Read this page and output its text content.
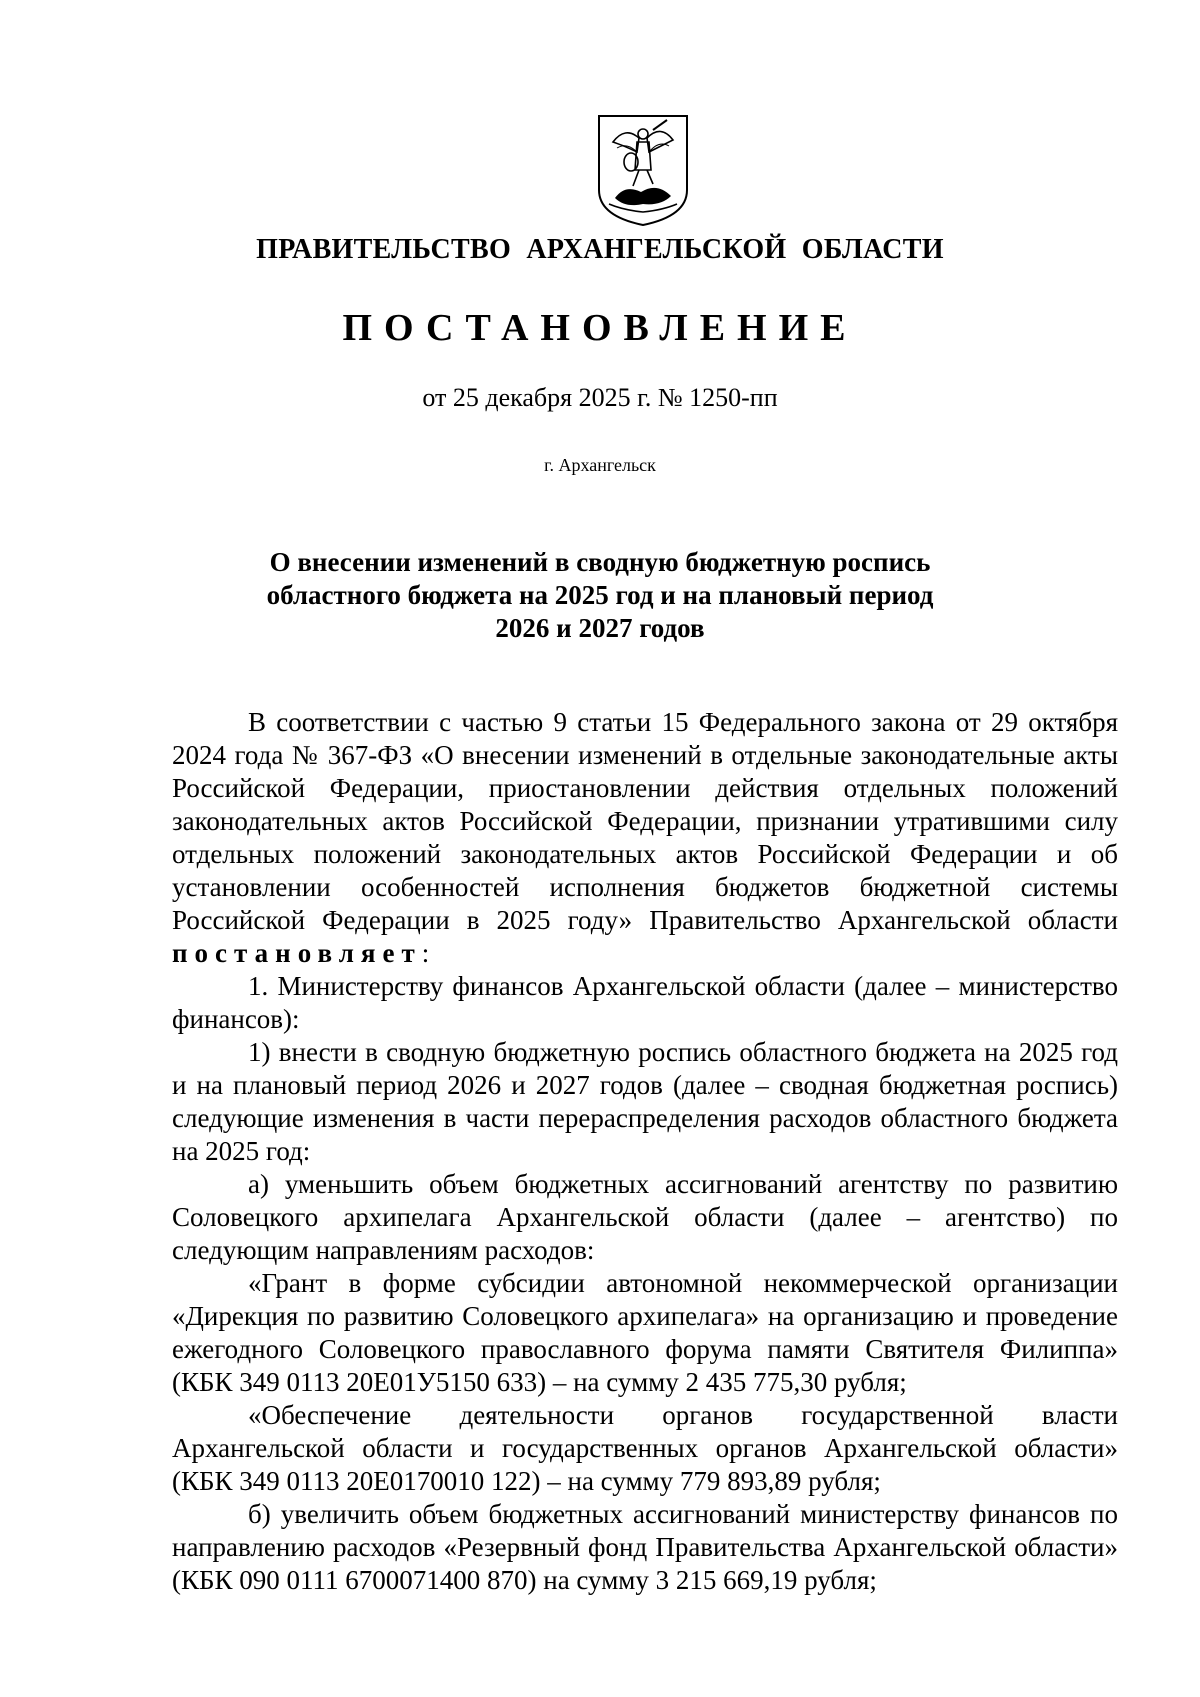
ПРАВИТЕЛЬСТВО АРХАНГЕЛЬСКОЙ ОБЛАСТИ
ПОСТАНОВЛЕНИЕ
от 25 декабря 2025 г. № 1250-пп
г. Архангельск
О внесении изменений в сводную бюджетную роспись
областного бюджета на 2025 год и на плановый период
2026 и 2027 годов

В соответствии с частью 9 статьи 15 Федерального закона от 29 октября 2024 года № 367-ФЗ «О внесении изменений в отдельные законодательные акты Российской Федерации, приостановлении действия отдельных положений законодательных актов Российской Федерации, признании утратившими силу отдельных положений законодательных актов Российской Федерации и об установлении особенностей исполнения бюджетов бюджетной системы Российской Федерации в 2025 году» Правительство Архангельской области постановляет:

1. Министерству финансов Архангельской области (далее – министерство финансов):

1) внести в сводную бюджетную роспись областного бюджета на 2025 год и на плановый период 2026 и 2027 годов (далее – сводная бюджетная роспись) следующие изменения в части перераспределения расходов областного бюджета на 2025 год:

а) уменьшить объем бюджетных ассигнований агентству по развитию Соловецкого архипелага Архангельской области (далее – агентство) по следующим направлениям расходов:

«Грант в форме субсидии автономной некоммерческой организации «Дирекция по развитию Соловецкого архипелага» на организацию и проведение ежегодного Соловецкого православного форума памяти Святителя Филиппа» (КБК 349 0113 20Е01У5150 633) – на сумму 2 435 775,30 рубля;

«Обеспечение деятельности органов государственной власти Архангельской области и государственных органов Архангельской области» (КБК 349 0113 20Е0170010 122) – на сумму 779 893,89 рубля;

б) увеличить объем бюджетных ассигнований министерству финансов по направлению расходов «Резервный фонд Правительства Архангельской области» (КБК 090 0111 6700071400 870) на сумму 3 215 669,19 рубля;
